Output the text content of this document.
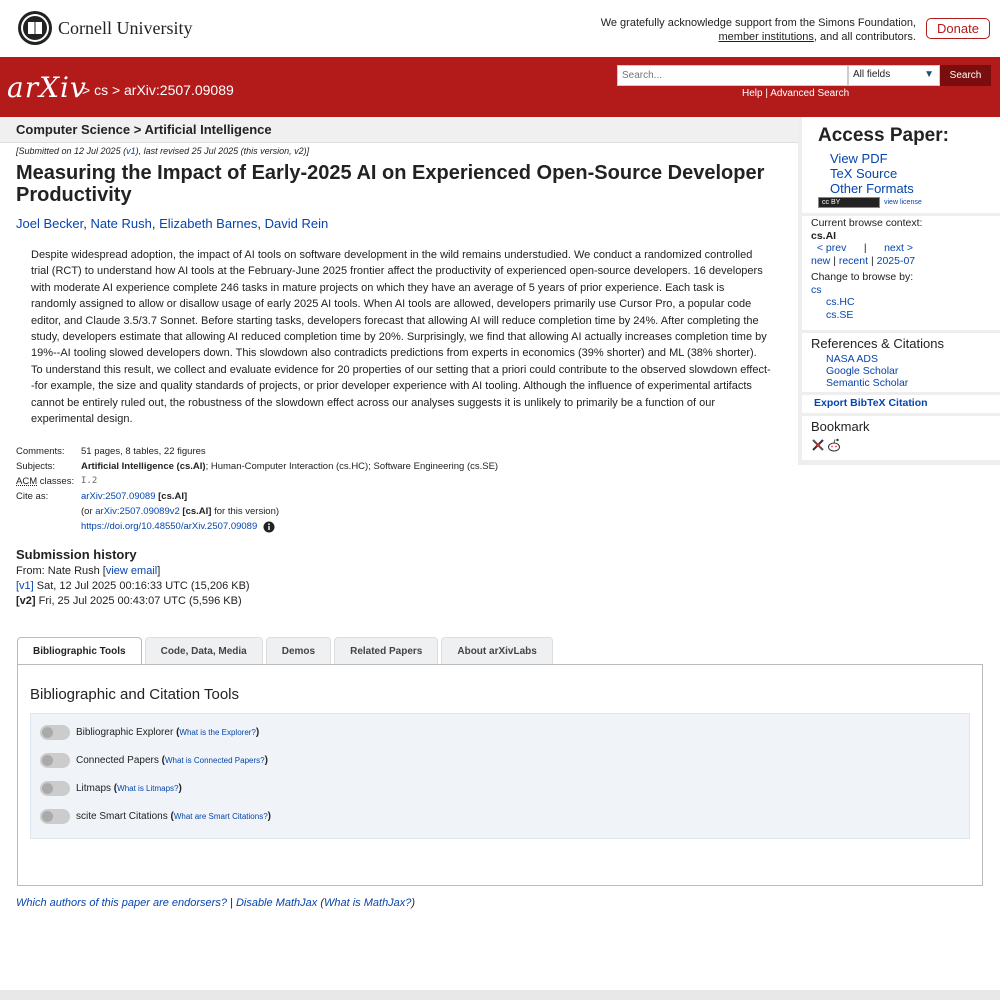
Cornell University	We gratefully acknowledge support from the Simons Foundation,
member institutions, and all contributors.
Donate
arXiv
> cs > arXiv:2507.09089
Search...
All fields	▼	Search
Help | Advanced Search
Computer Science > Artificial Intelligence
[Submitted on 12 Jul 2025 (v1), last revised 25 Jul 2025 (this version, v2)]
Measuring the Impact of Early-2025 AI on Experienced Open-Source Developer Productivity
Joel Becker, Nate Rush, Elizabeth Barnes, David Rein
Despite widespread adoption, the impact of AI tools on software development in the wild remains understudied. We conduct a randomized controlled trial (RCT) to understand how AI tools at the February-June 2025 frontier affect the productivity of experienced open-source developers. 16 developers with moderate AI experience complete 246 tasks in mature projects on which they have an average of 5 years of prior experience. Each task is randomly assigned to allow or disallow usage of early 2025 AI tools. When AI tools are allowed, developers primarily use Cursor Pro, a popular code editor, and Claude 3.5/3.7 Sonnet. Before starting tasks, developers forecast that allowing AI will reduce completion time by 24%. After completing the study, developers estimate that allowing AI reduced completion time by 20%. Surprisingly, we find that allowing AI actually increases completion time by 19%--AI tooling slowed developers down. This slowdown also contradicts predictions from experts in economics (39% shorter) and ML (38% shorter). To understand this result, we collect and evaluate evidence for 20 properties of our setting that a priori could contribute to the observed slowdown effect--for example, the size and quality standards of projects, or prior developer experience with AI tooling. Although the influence of experimental artifacts cannot be entirely ruled out, the robustness of the slowdown effect across our analyses suggests it is unlikely to primarily be a function of our experimental design.
Comments:	51 pages, 8 tables, 22 figures
Subjects:	Artificial Intelligence (cs.AI); Human-Computer Interaction (cs.HC); Software Engineering (cs.SE)
ACM classes: I.2
Cite as:	arXiv:2507.09089 [cs.AI]
(or arXiv:2507.09089v2 [cs.AI] for this version)
https://doi.org/10.48550/arXiv.2507.09089
Submission history
From: Nate Rush [view email]
[v1] Sat, 12 Jul 2025 00:16:33 UTC (15,206 KB)
[v2] Fri, 25 Jul 2025 00:43:07 UTC (5,596 KB)
Access Paper:
View PDF
TeX Source
Other Formats
cc BY	view license
Current browse context:
cs.AI
< prev | next >
new | recent | 2025-07
Change to browse by:
cs
cs.HC
cs.SE
References & Citations
NASA ADS
Google Scholar
Semantic Scholar
Export BibTeX Citation
Bookmark
Bibliographic Tools	Code, Data, Media	Demos	Related Papers	About arXivLabs
Bibliographic and Citation Tools
Bibliographic Explorer
( What is the Explorer? )
Connected Papers
( What is Connected Papers? )
Litmaps
( What is Litmaps? )
scite Smart Citations
( What are Smart Citations? )
Which authors of this paper are endorsers? | Disable MathJax (What is MathJax?)
